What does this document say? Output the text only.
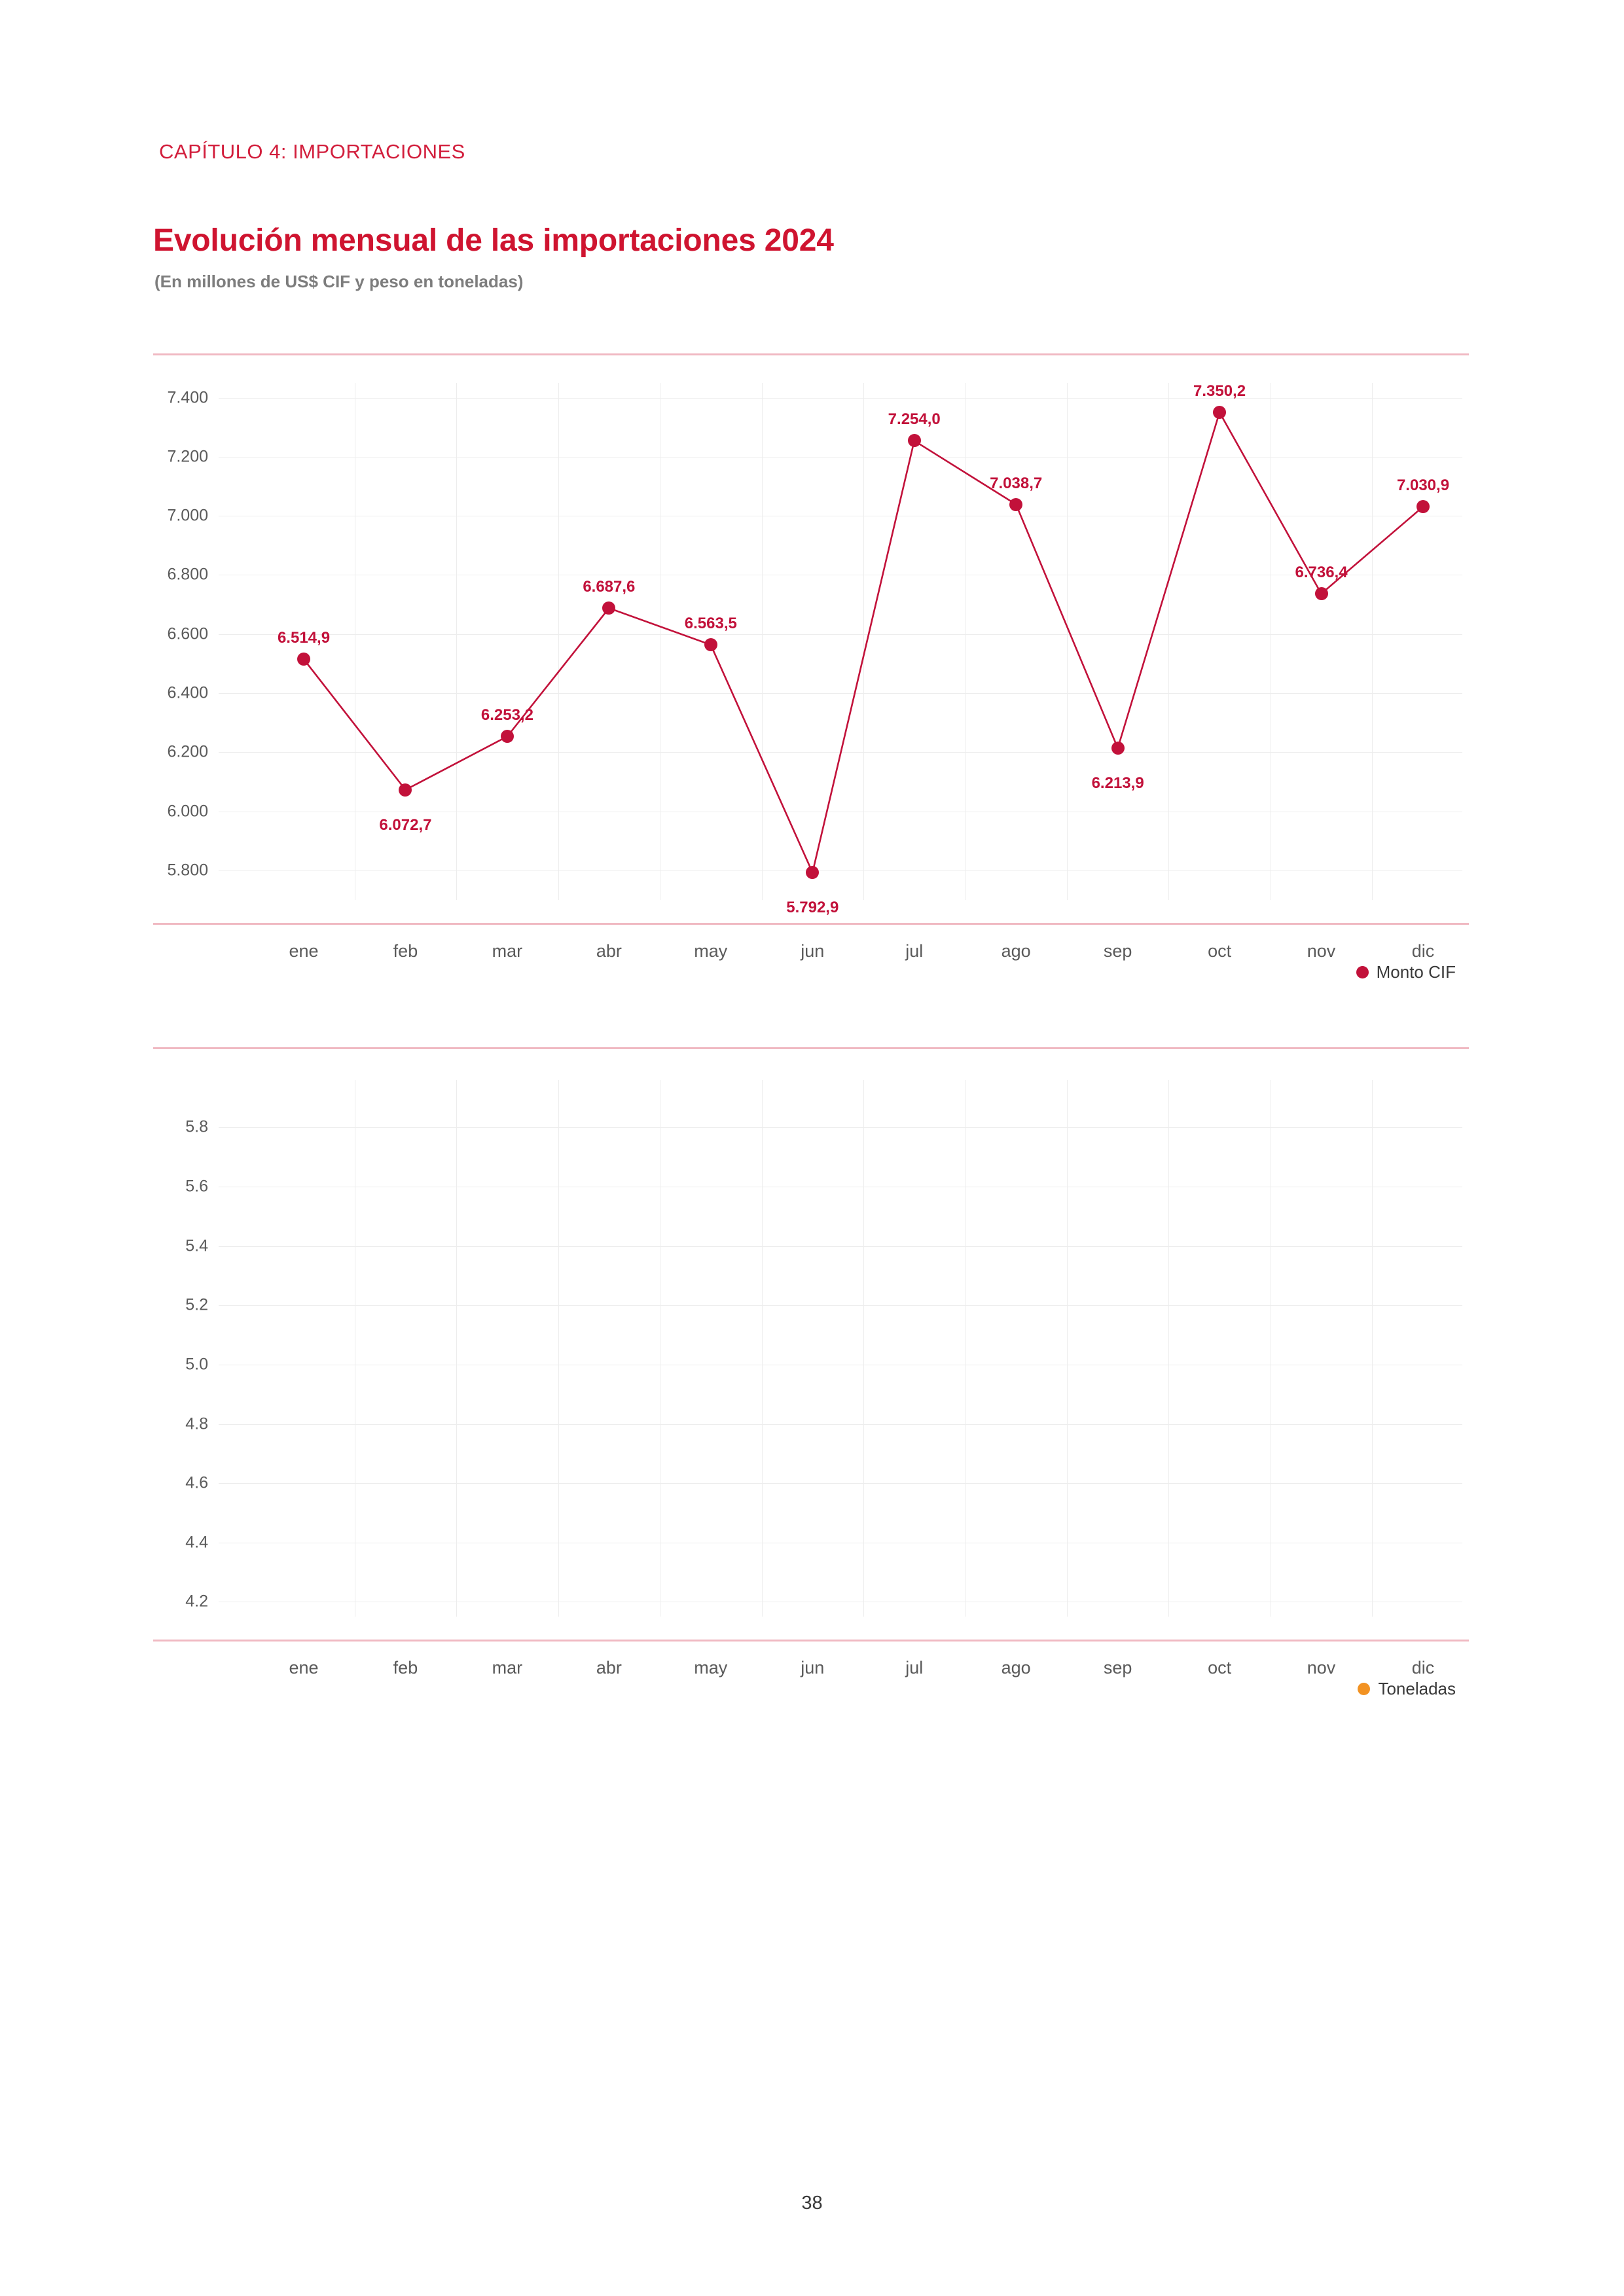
CAPÍTULO 4: IMPORTACIONES
Evolución mensual de las importaciones 2024
(En millones de US$ CIF y peso en toneladas)
5.800
6.000
6.200
6.400
6.600
6.800
7.000
7.200
7.400
6.514,9
6.072,7
6.253,2
6.687,6
6.563,5
5.792,9
7.254,0
7.038,7
6.213,9
7.350,2
6.736,4
7.030,9
ene	feb	mar	abr	may	jun	jul	ago	sep	oct	nov	dic
Monto CIF
4.2
4.4
4.6
4.8
5.0
5.2
5.4
5.6
5.8
ene	feb	mar	abr	may	jun	jul	ago	sep	oct	nov	dic
Toneladas
38
